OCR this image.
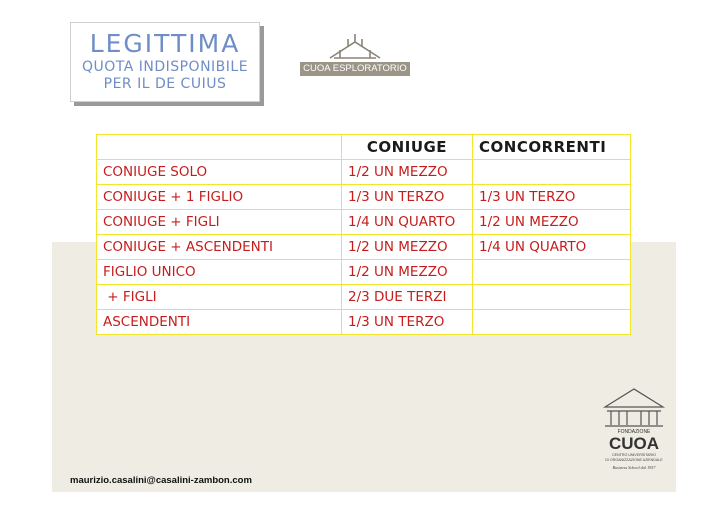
LEGITTIMA
QUOTA INDISPONIBILE
PER IL DE CUIUS
CUOA ESPLORATORIO
	CONIUGE	CONCORRENTI
CONIUGE SOLO	1/2 UN MEZZO	
CONIUGE + 1 FIGLIO	1/3 UN TERZO	1/3 UN TERZO
CONIUGE + FIGLI	1/4 UN QUARTO	1/2 UN MEZZO
CONIUGE + ASCENDENTI	1/2 UN MEZZO	1/4 UN QUARTO
FIGLIO UNICO	1/2 UN MEZZO	
+ FIGLI	2/3 DUE TERZI	
ASCENDENTI	1/3 UN TERZO	
FONDAZIONE
CUOA
CENTRO UNIVERSITARIO
DI ORGANIZZAZIONE AZIENDALE
Business School dal 1957
maurizio.casalini@casalini-zambon.com
